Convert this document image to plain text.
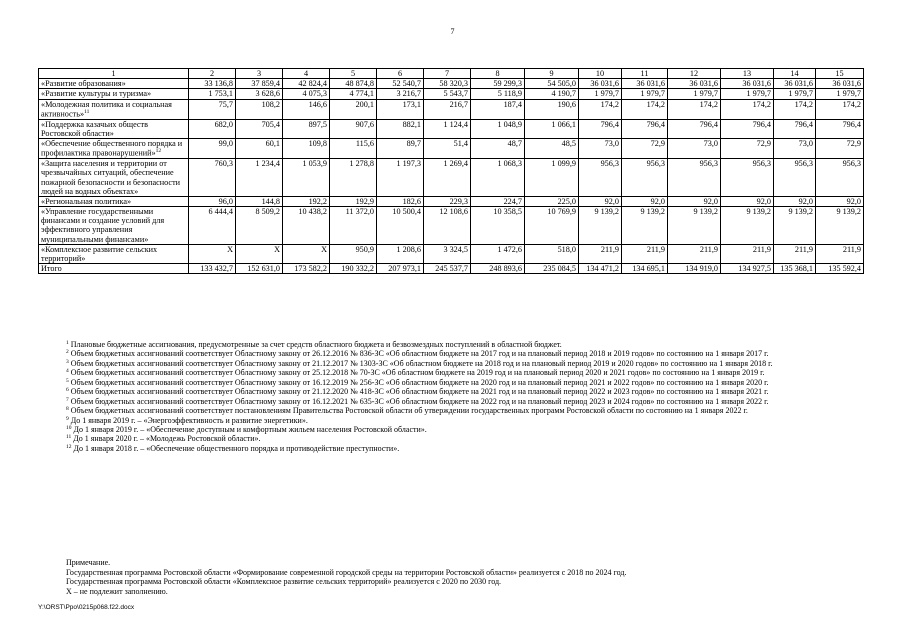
7
1	2	3	4	5	6	7	8	9	10	11	12	13	14	15
«Развитие образования»	33 136,8	37 859,4	42 824,4	48 874,8	52 540,7	58 320,3	59 299,3	54 505,0	36 031,6	36 031,6	36 031,6	36 031,6	36 031,6	36 031,6
«Развитие культуры и туризма»	1 753,1	3 628,6	4 075,3	4 774,1	3 216,7	5 543,7	5 118,9	4 190,7	1 979,7	1 979,7	1 979,7	1 979,7	1 979,7	1 979,7
«Молодежная политика и социальная активность»$^{11}$	75,7	108,2	146,6	200,1	173,1	216,7	187,4	190,6	174,2	174,2	174,2	174,2	174,2	174,2
«Поддержка казачьих обществ Ростовской области»	682,0	705,4	897,5	907,6	882,1	1 124,4	1 048,9	1 066,1	796,4	796,4	796,4	796,4	796,4	796,4
«Обеспечение общественного порядка и профилактика правонарушений»$^{12}$	99,0	60,1	109,8	115,6	89,7	51,4	48,7	48,5	73,0	72,9	73,0	72,9	73,0	72,9
«Защита населения и территории от чрезвычайных ситуаций, обеспечение пожарной безопасности и безопасности людей на водных объектах»	760,3	1 234,4	1 053,9	1 278,8	1 197,3	1 269,4	1 068,3	1 099,9	956,3	956,3	956,3	956,3	956,3	956,3
«Региональная политика»	96,0	144,8	192,2	192,9	182,6	229,3	224,7	225,0	92,0	92,0	92,0	92,0	92,0	92,0
«Управление государственными финансами и создание условий для эффективного управления муниципальными финансами»	6 444,4	8 509,2	10 438,2	11 372,0	10 500,4	12 108,6	10 358,5	10 769,9	9 139,2	9 139,2	9 139,2	9 139,2	9 139,2	9 139,2
«Комплексное развитие сельских территорий»	X	X	X	950,9	1 208,6	3 324,5	1 472,6	518,0	211,9	211,9	211,9	211,9	211,9	211,9
Итого	133 432,7	152 631,0	173 582,2	190 332,2	207 973,1	245 537,7	248 893,6	235 084,5	134 471,2	134 695,1	134 919,0	134 927,5	135 368,1	135 592,4

$^1$ Плановые бюджетные ассигнования, предусмотренные за счет средств областного бюджета и безвозмездных поступлений в областной бюджет.

$^2$ Объем бюджетных ассигнований соответствует Областному закону от 26.12.2016 № 836-ЗС «Об областном бюджете на 2017 год и на плановый период 2018 и 2019 годов» по состоянию на 1 января 2017 г.

$^3$ Объем бюджетных ассигнований соответствует Областному закону от 21.12.2017 № 1303-ЗС «Об областном бюджете на 2018 год и на плановый период 2019 и 2020 годов» по состоянию на 1 января 2018 г.

$^4$ Объем бюджетных ассигнований соответствует Областному закону от 25.12.2018 № 70-ЗС «Об областном бюджете на 2019 год и на плановый период 2020 и 2021 годов» по состоянию на 1 января 2019 г.

$^5$ Объем бюджетных ассигнований соответствует Областному закону от 16.12.2019 № 256-ЗС «Об областном бюджете на 2020 год и на плановый период 2021 и 2022 годов» по состоянию на 1 января 2020 г.

$^6$ Объем бюджетных ассигнований соответствует Областному закону от 21.12.2020 № 418-ЗС «Об областном бюджете на 2021 год и на плановый период 2022 и 2023 годов» по состоянию на 1 января 2021 г.

$^7$ Объем бюджетных ассигнований соответствует Областному закону от 16.12.2021 № 635-ЗС «Об областном бюджете на 2022 год и на плановый период 2023 и 2024 годов» по состоянию на 1 января 2022 г.

$^8$ Объем бюджетных ассигнований соответствует постановлениям Правительства Ростовской области об утверждении государственных программ Ростовской области по состоянию на 1 января 2022 г.

$^9$ До 1 января 2019 г. – «Энергоэффективность и развитие энергетики».

$^{10}$ До 1 января 2019 г. – «Обеспечение доступным и комфортным жильем населения Ростовской области».

$^{11}$ До 1 января 2020 г. – «Молодежь Ростовской области».

$^{12}$ До 1 января 2018 г. – «Обеспечение общественного порядка и противодействие преступности».

Примечание.

Государственная программа Ростовской области «Формирование современной городской среды на территории Ростовской области» реализуется с 2018 по 2024 год.

Государственная программа Ростовской области «Комплексное развитие сельских территорий» реализуется с 2020 по 2030 год.

Х – не подлежит заполнению.

Y:\ORST\Ppo\0215p068.f22.docx
